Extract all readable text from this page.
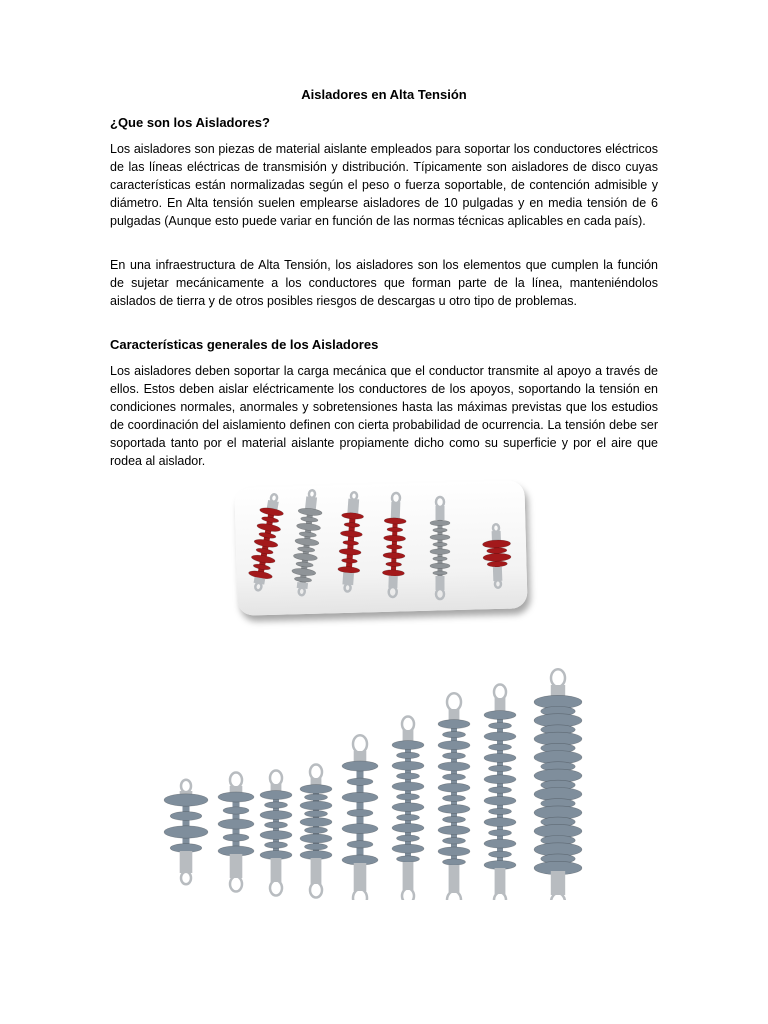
Aisladores en Alta Tensión
¿Que son los Aisladores?
Los aisladores son piezas de material aislante empleados para soportar los conductores eléctricos de las líneas eléctricas de transmisión y distribución. Típicamente son aisladores de disco cuyas características están normalizadas según el peso o fuerza soportable, de contención admisible y diámetro. En Alta tensión suelen emplearse aisladores de 10 pulgadas y en media tensión de 6 pulgadas (Aunque esto puede variar en función de las normas técnicas aplicables en cada país).
En una infraestructura de Alta Tensión, los aisladores son los elementos que cumplen la función de sujetar mecánicamente a los conductores que forman parte de la línea, manteniéndolos aislados de tierra y de otros posibles riesgos de descargas u otro tipo de problemas.
Características generales de los Aisladores
Los aisladores deben soportar la carga mecánica que el conductor transmite al apoyo a través de ellos. Estos deben aislar eléctricamente los conductores de los apoyos, soportando la tensión en condiciones normales, anormales y sobretensiones hasta las máximas previstas que los estudios de coordinación del aislamiento definen con cierta probabilidad de ocurrencia. La tensión debe ser soportada tanto por el material aislante propiamente dicho como su superficie y por el aire que rodea al aislador.
